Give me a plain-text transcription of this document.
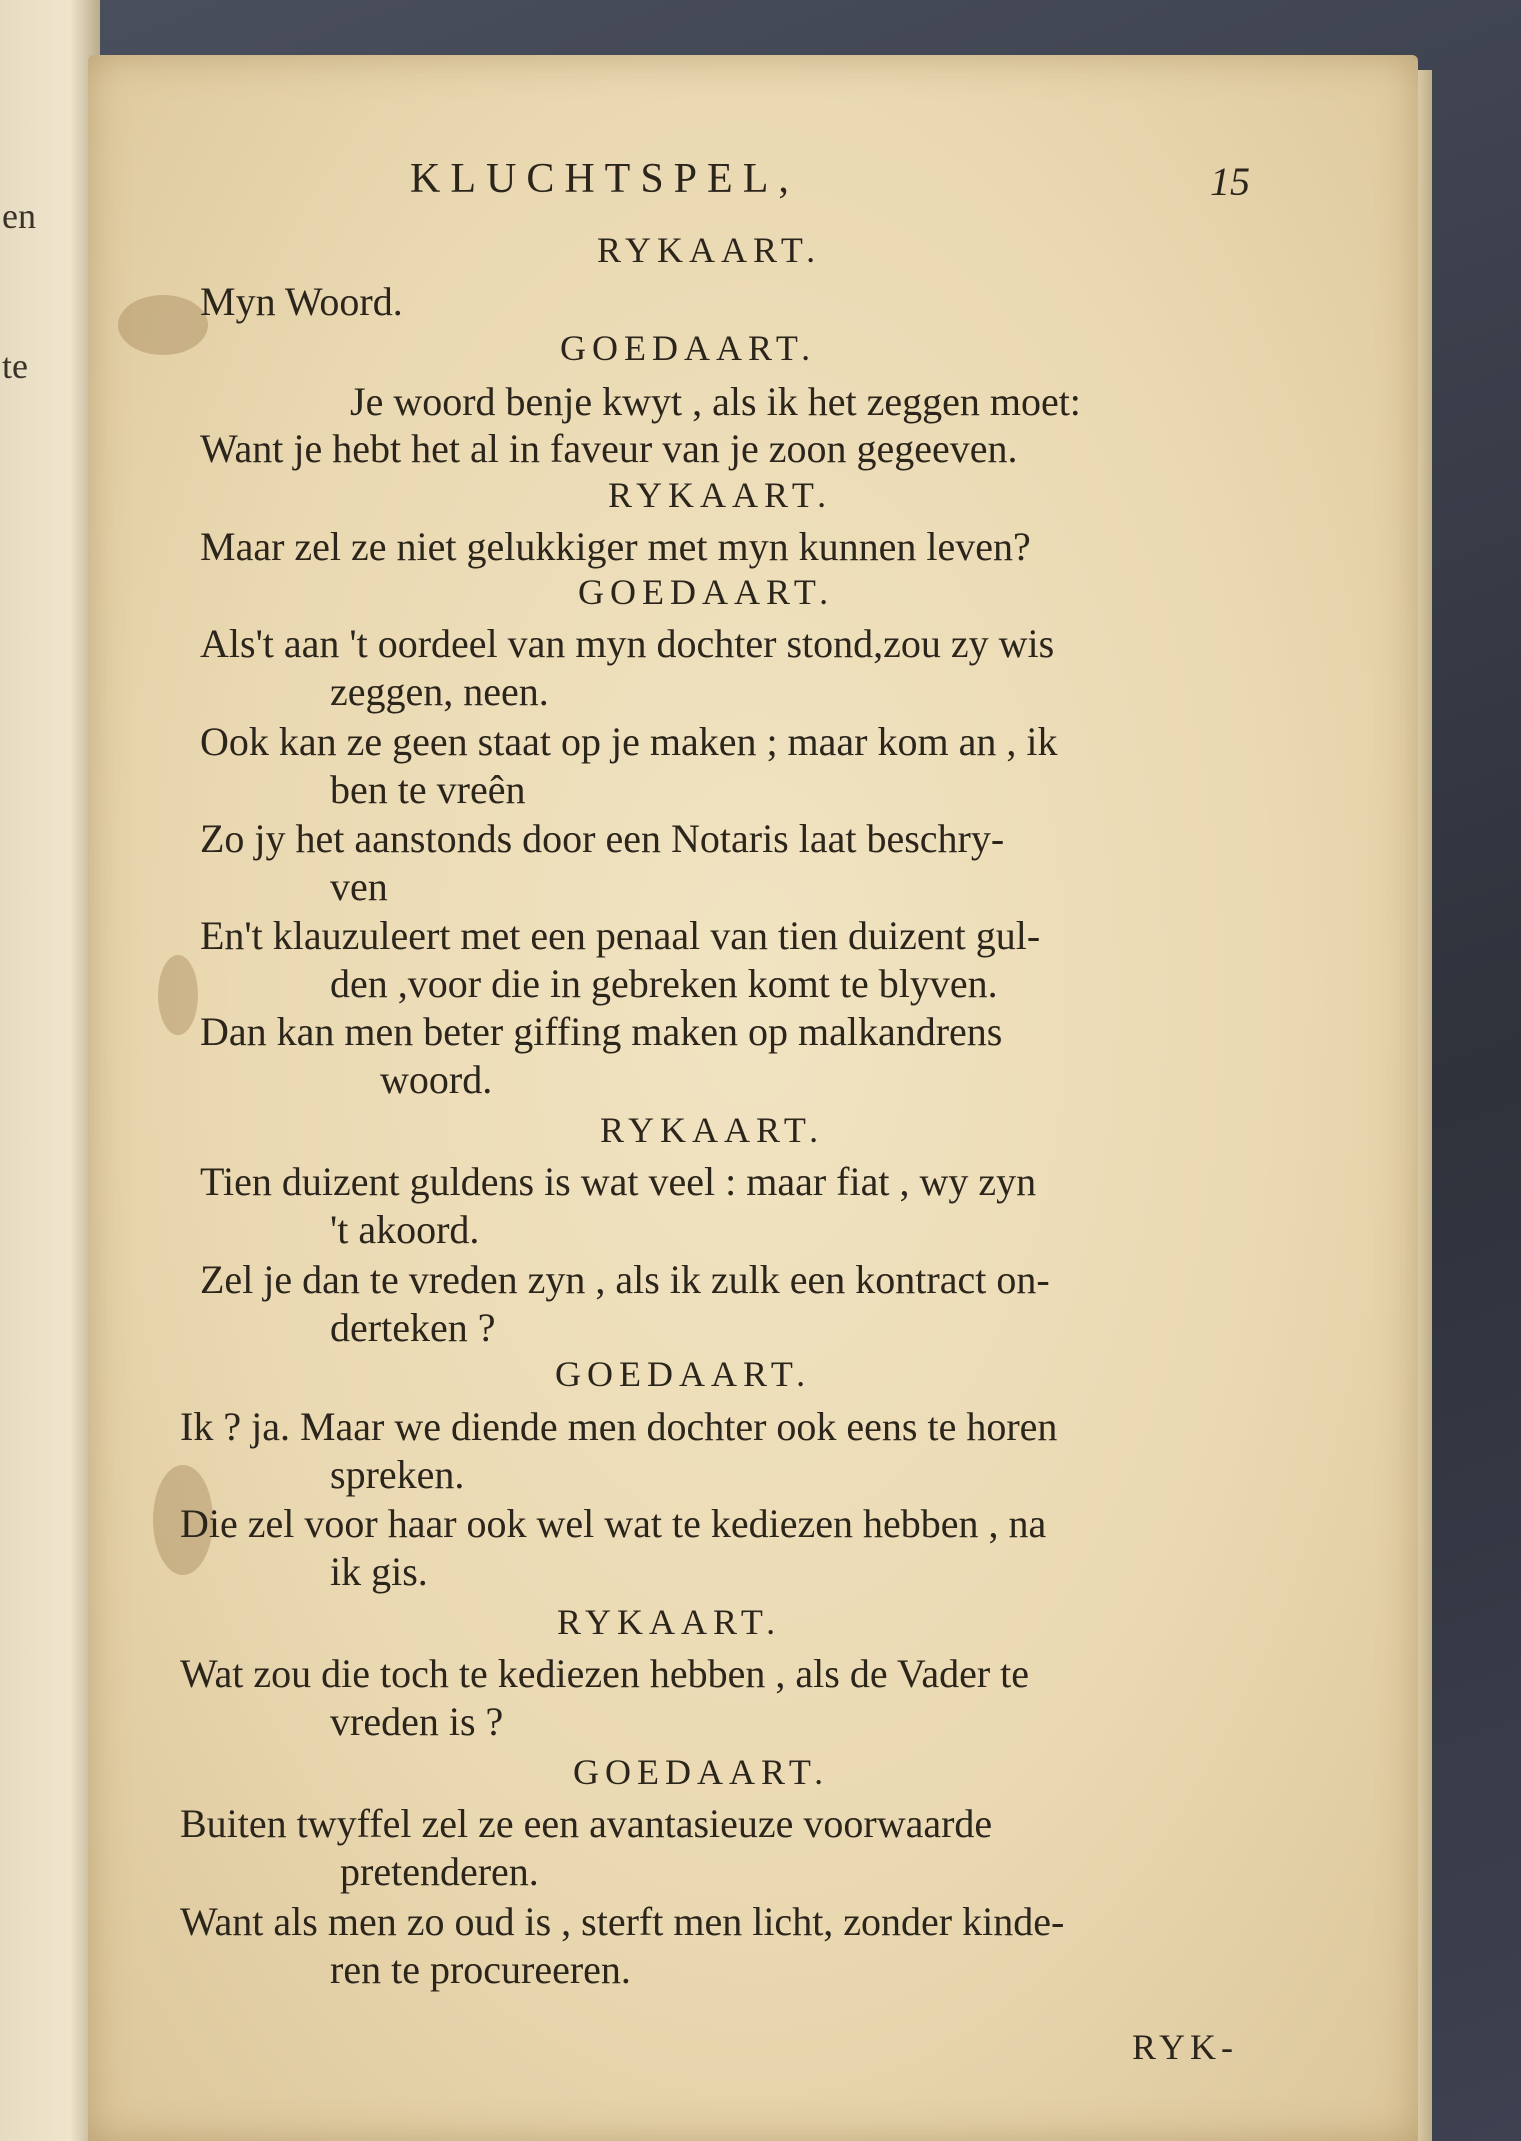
en
te
KLUCHTSPEL,	15
RYKAART.
Myn Woord.
GOEDAART.
Je woord benje kwyt , als ik het zeggen moet:
Want je hebt het al in faveur van je zoon gegeeven.
RYKAART.
Maar zel ze niet gelukkiger met myn kunnen leven?
GOEDAART.
Als't aan 't oordeel van myn dochter stond,zou zy wis
zeggen, neen.
Ook kan ze geen staat op je maken ; maar kom an , ik
ben te vreên
Zo jy het aanstonds door een Notaris laat beschry-
ven
En't klauzuleert met een penaal van tien duizent gul-
den ,voor die in gebreken komt te blyven.
Dan kan men beter giffing maken op malkandrens
woord.
RYKAART.
Tien duizent guldens is wat veel : maar fiat , wy zyn
't akoord.
Zel je dan te vreden zyn , als ik zulk een kontract on-
derteken ?
GOEDAART.
Ik ? ja. Maar we diende men dochter ook eens te horen
spreken.
Die zel voor haar ook wel wat te kediezen hebben , na
ik gis.
RYKAART.
Wat zou die toch te kediezen hebben , als de Vader te
vreden is ?
GOEDAART.
Buiten twyffel zel ze een avantasieuze voorwaarde
pretenderen.
Want als men zo oud is , sterft men licht, zonder kinde-
ren te procureeren.
RYK-
